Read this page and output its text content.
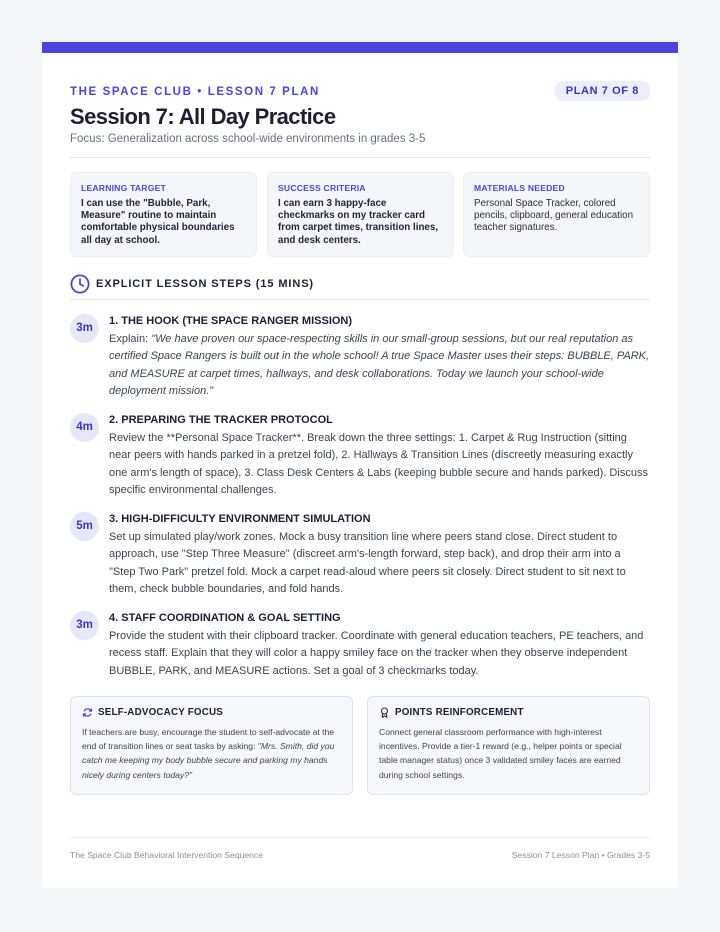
THE SPACE CLUB • LESSON 7 PLAN	PLAN 7 OF 8
Session 7: All Day Practice
Focus: Generalization across school-wide environments in grades 3-5
LEARNING TARGET
I can use the "Bubble, Park, Measure" routine to maintain comfortable physical boundaries all day at school.
SUCCESS CRITERIA
I can earn 3 happy-face checkmarks on my tracker card from carpet times, transition lines, and desk centers.
MATERIALS NEEDED
Personal Space Tracker, colored pencils, clipboard, general education teacher signatures.
EXPLICIT LESSON STEPS (15 MINS)
3m
1. THE HOOK (THE SPACE RANGER MISSION)
Explain: "We have proven our space-respecting skills in our small-group sessions, but our real reputation as certified Space Rangers is built out in the whole school! A true Space Master uses their steps: BUBBLE, PARK, and MEASURE at carpet times, hallways, and desk collaborations. Today we launch your school-wide deployment mission."
4m
2. PREPARING THE TRACKER PROTOCOL
Review the **Personal Space Tracker**. Break down the three settings: 1. Carpet & Rug Instruction (sitting near peers with hands parked in a pretzel fold), 2. Hallways & Transition Lines (discreetly measuring exactly one arm's length of space), 3. Class Desk Centers & Labs (keeping bubble secure and hands parked). Discuss specific environmental challenges.
5m
3. HIGH-DIFFICULTY ENVIRONMENT SIMULATION
Set up simulated play/work zones. Mock a busy transition line where peers stand close. Direct student to approach, use "Step Three Measure" (discreet arm's-length forward, step back), and drop their arm into a "Step Two Park" pretzel fold. Mock a carpet read-aloud where peers sit closely. Direct student to sit next to them, check bubble boundaries, and fold hands.
3m
4. STAFF COORDINATION & GOAL SETTING
Provide the student with their clipboard tracker. Coordinate with general education teachers, PE teachers, and recess staff. Explain that they will color a happy smiley face on the tracker when they observe independent BUBBLE, PARK, and MEASURE actions. Set a goal of 3 checkmarks today.
SELF-ADVOCACY FOCUS
If teachers are busy, encourage the student to self-advocate at the end of transition lines or seat tasks by asking: "Mrs. Smith, did you catch me keeping my body bubble secure and parking my hands nicely during centers today?"
POINTS REINFORCEMENT
Connect general classroom performance with high-interest incentives. Provide a tier-1 reward (e.g., helper points or special table manager status) once 3 validated smiley faces are earned during school settings.
The Space Club Behavioral Intervention Sequence	Session 7 Lesson Plan • Grades 3-5
